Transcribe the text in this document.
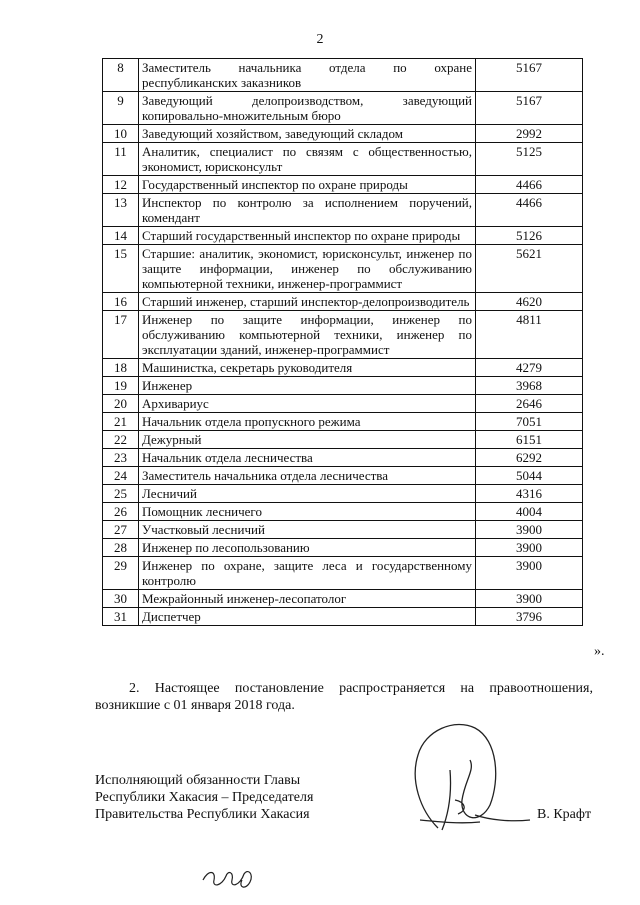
2
8	Заместитель начальника отдела по охране республиканских заказников	5167
9	Заведующий делопроизводством, заведующий копировально-множительным бюро	5167
10	Заведующий хозяйством, заведующий складом	2992
11	Аналитик, специалист по связям с общественностью, экономист, юрисконсульт	5125
12	Государственный инспектор по охране природы	4466
13	Инспектор по контролю за исполнением поручений, комендант	4466
14	Старший государственный инспектор по охране природы	5126
15	Старшие: аналитик, экономист, юрисконсульт, инженер по защите информации, инженер по обслуживанию компьютерной техники, инженер-программист	5621
16	Старший инженер, старший инспектор-делопроизводитель	4620
17	Инженер по защите информации, инженер по обслуживанию компьютерной техники, инженер по эксплуатации зданий, инженер-программист	4811
18	Машинистка, секретарь руководителя	4279
19	Инженер	3968
20	Архивариус	2646
21	Начальник отдела пропускного режима	7051
22	Дежурный	6151
23	Начальник отдела лесничества	6292
24	Заместитель начальника отдела лесничества	5044
25	Лесничий	4316
26	Помощник лесничего	4004
27	Участковый лесничий	3900
28	Инженер по лесопользованию	3900
29	Инженер по охране, защите леса и государственному контролю	3900
30	Межрайонный инженер-лесопатолог	3900
31	Диспетчер	3796
».
2. Настоящее постановление распространяется на правоотношения, возникшие с 01 января 2018 года.
Исполняющий обязанности Главы
Республики Хакасия – Председателя
Правительства Республики Хакасия	В. Крафт
